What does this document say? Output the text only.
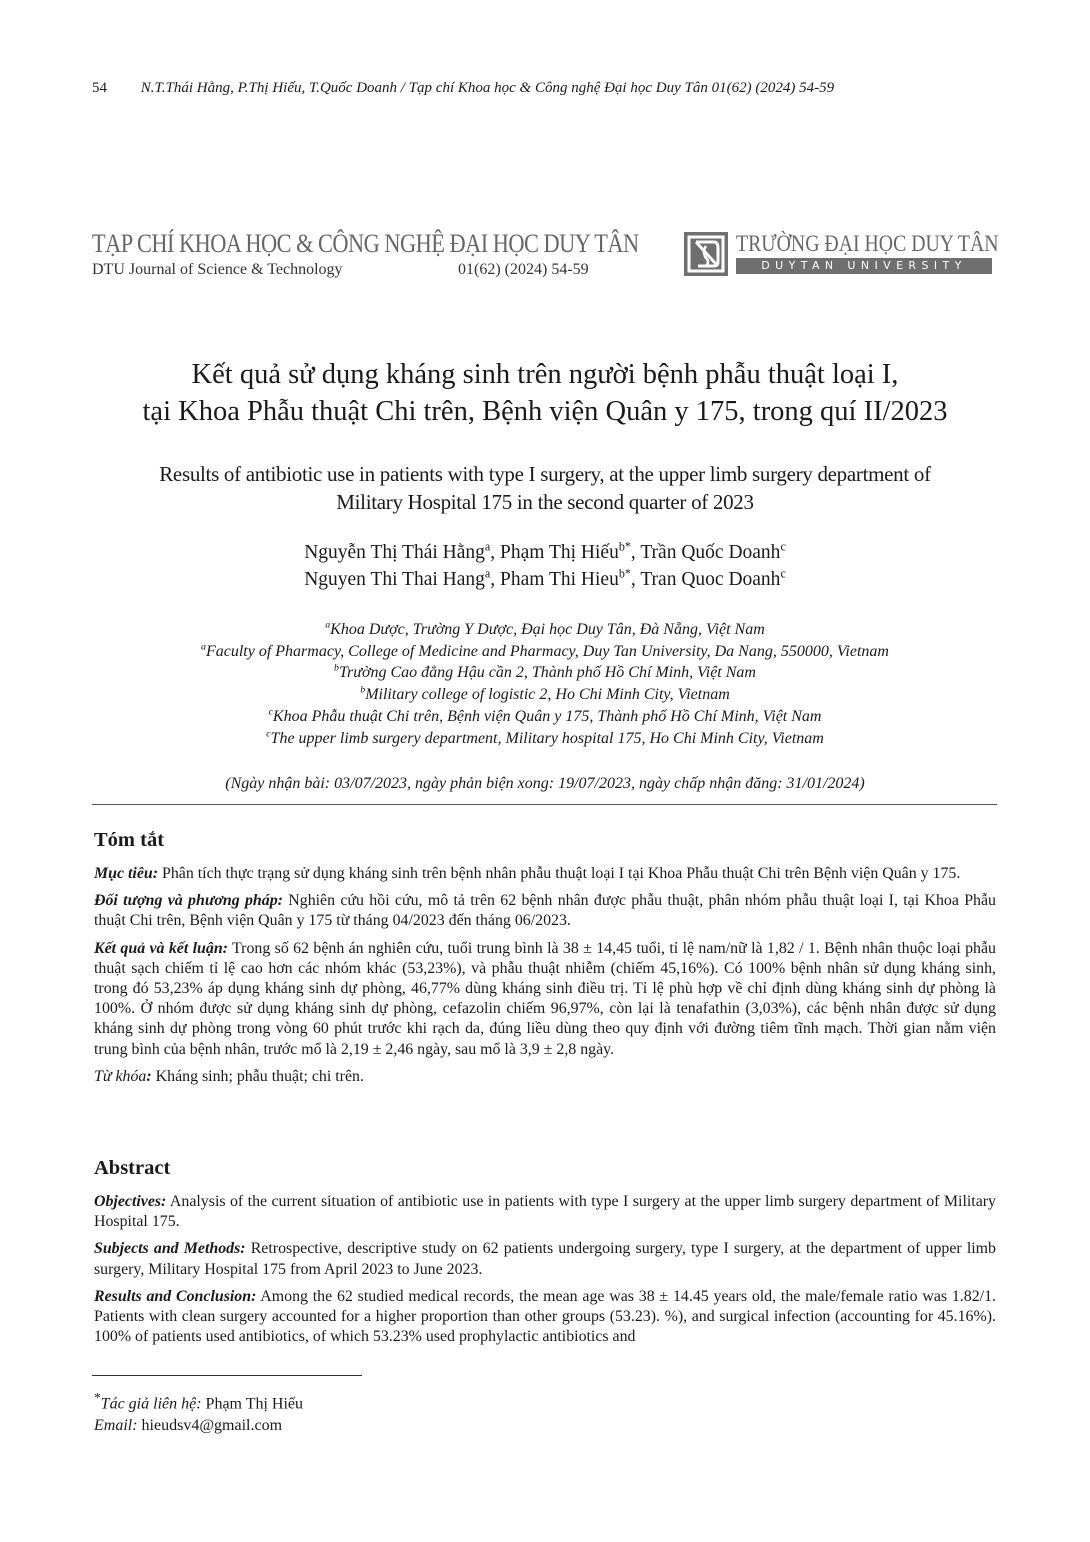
54 N.T.Thái Hằng, P.Thị Hiếu, T.Quốc Doanh / Tạp chí Khoa học & Công nghệ Đại học Duy Tân 01(62) (2024) 54-59
TẠP CHÍ KHOA HỌC & CÔNG NGHỆ ĐẠI HỌC DUY TÂN
DTU Journal of Science & Technology	01(62) (2024) 54-59
TRƯỜNG ĐẠI HỌC DUY TÂN
DUYTAN UNIVERSITY
Kết quả sử dụng kháng sinh trên người bệnh phẫu thuật loại I,
tại Khoa Phẫu thuật Chi trên, Bệnh viện Quân y 175, trong quí II/2023
Results of antibiotic use in patients with type I surgery, at the upper limb surgery department of
Military Hospital 175 in the second quarter of 2023
Nguyễn Thị Thái Hằng$^a$, Phạm Thị Hiếu$^{b*}$, Trần Quốc Doanh$^c$
Nguyen Thi Thai Hang$^a$, Pham Thi Hieu$^{b*}$, Tran Quoc Doanh$^c$
$^a$Khoa Dược, Trường Y Dược, Đại học Duy Tân, Đà Nẵng, Việt Nam
$^a$Faculty of Pharmacy, College of Medicine and Pharmacy, Duy Tan University, Da Nang, 550000, Vietnam
$^b$Trường Cao đẳng Hậu cần 2, Thành phố Hồ Chí Minh, Việt Nam
$^b$Military college of logistic 2, Ho Chi Minh City, Vietnam
$^c$Khoa Phẫu thuật Chi trên, Bệnh viện Quân y 175, Thành phố Hồ Chí Minh, Việt Nam
$^c$The upper limb surgery department, Military hospital 175, Ho Chi Minh City, Vietnam
(Ngày nhận bài: 03/07/2023, ngày phản biện xong: 19/07/2023, ngày chấp nhận đăng: 31/01/2024)
Tóm tắt

Mục tiêu: Phân tích thực trạng sử dụng kháng sinh trên bệnh nhân phẫu thuật loại I tại Khoa Phẫu thuật Chi trên Bệnh viện Quân y 175.

Đối tượng và phương pháp: Nghiên cứu hồi cứu, mô tả trên 62 bệnh nhân được phẫu thuật, phân nhóm phẫu thuật loại I, tại Khoa Phẫu thuật Chi trên, Bệnh viện Quân y 175 từ tháng 04/2023 đến tháng 06/2023.

Kết quả và kết luận: Trong số 62 bệnh án nghiên cứu, tuổi trung bình là 38 ± 14,45 tuổi, tỉ lệ nam/nữ là 1,82 / 1. Bệnh nhân thuộc loại phẫu thuật sạch chiếm tỉ lệ cao hơn các nhóm khác (53,23%), và phẫu thuật nhiễm (chiếm 45,16%). Có 100% bệnh nhân sử dụng kháng sinh, trong đó 53,23% áp dụng kháng sinh dự phòng, 46,77% dùng kháng sinh điều trị. Tỉ lệ phù hợp về chỉ định dùng kháng sinh dự phòng là 100%. Ở nhóm được sử dụng kháng sinh dự phòng, cefazolin chiếm 96,97%, còn lại là tenafathin (3,03%), các bệnh nhân được sử dụng kháng sinh dự phòng trong vòng 60 phút trước khi rạch da, đúng liều dùng theo quy định với đường tiêm tĩnh mạch. Thời gian nằm viện trung bình của bệnh nhân, trước mổ là 2,19 ± 2,46 ngày, sau mổ là 3,9 ± 2,8 ngày.

Từ khóa: Kháng sinh; phẫu thuật; chi trên.

Abstract

Objectives: Analysis of the current situation of antibiotic use in patients with type I surgery at the upper limb surgery department of Military Hospital 175.

Subjects and Methods: Retrospective, descriptive study on 62 patients undergoing surgery, type I surgery, at the department of upper limb surgery, Military Hospital 175 from April 2023 to June 2023.

Results and Conclusion: Among the 62 studied medical records, the mean age was 38 ± 14.45 years old, the male/female ratio was 1.82/1. Patients with clean surgery accounted for a higher proportion than other groups (53.23). %), and surgical infection (accounting for 45.16%). 100% of patients used antibiotics, of which 53.23% used prophylactic antibiotics and

*Tác giả liên hệ: Phạm Thị Hiếu
Email: hieudsv4@gmail.com
